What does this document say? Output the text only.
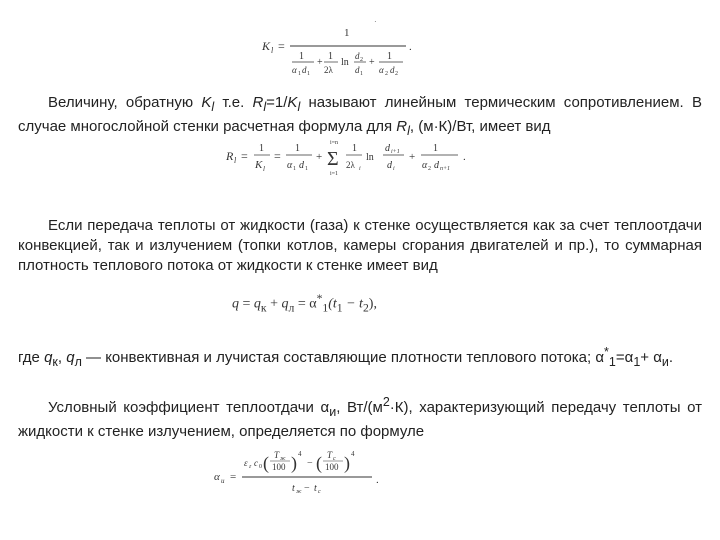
·
K l =
1
1
α 1 d 1
+
1
2λ
ln
d 2
d 1
+
1
α 2 d 2
.
Величину, обратную $K_l$ т.е. $R_l=1/K_l$ называют линейным термическим сопротивлением. В случае многослойной стенки расчетная формула для $R_l$, (м·К)/Вт, имеет вид
R l =
1
K l
=
1
α 1 d 1
+
i=n
Σ
i=1
1
2λ i
ln
d i+1
d i
+
1
α 2 d n+1
.
Если передача теплоты от жидкости (газа) к стенке осуществляется как за счет теплоотдачи конвекцией, так и излучением (топки котлов, камеры сгорания двигателей и пр.), то суммарная плотность теплового потока от жидкости к стенке имеет вид
$q = q_к + q_л = \alpha^*_1(t_1 - t_2)$,
где $q_к$, $q_л$ — конвективная и лучистая составляющие плотности теплового потока; $\alpha^*_1=\alpha_1+ \alpha_и$.
Условный коэффициент теплоотдачи $\alpha_и$, $Вт/(м^2\cdot К)$, характеризующий передачу теплоты от жидкости к стенке излучением, определяется по формуле
α и =
ε г c 0 ( T ж
100 ) 4
− ( T с
100 ) 4
t ж − t с
.
